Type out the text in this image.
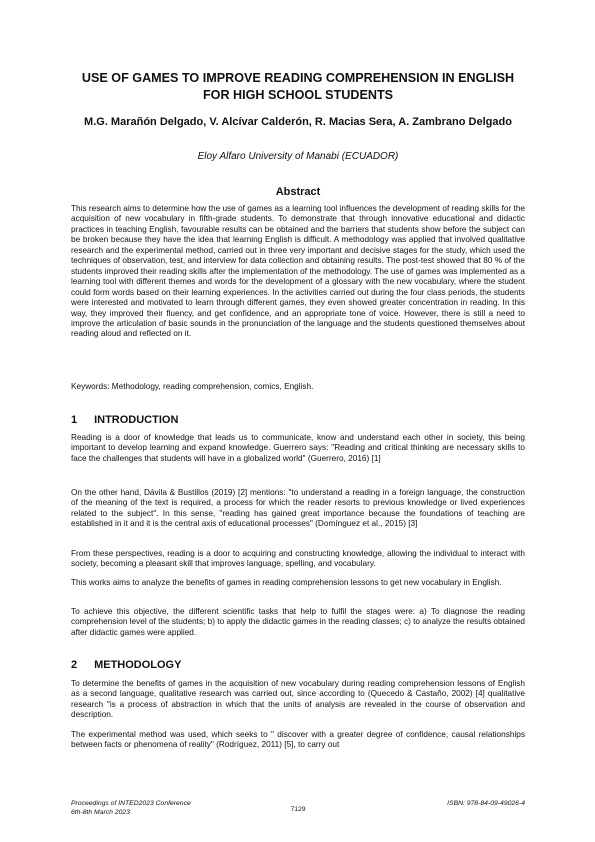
USE OF GAMES TO IMPROVE READING COMPREHENSION IN ENGLISH FOR HIGH SCHOOL STUDENTS
M.G. Marañón Delgado, V. Alcívar Calderón, R. Macias Sera, A. Zambrano Delgado
Eloy Alfaro University of Manabi (ECUADOR)
Abstract

This research aims to determine how the use of games as a learning tool influences the development of reading skills for the acquisition of new vocabulary in fifth-grade students. To demonstrate that through innovative educational and didactic practices in teaching English, favourable results can be obtained and the barriers that students show before the subject can be broken because they have the idea that learning English is difficult. A methodology was applied that involved qualitative research and the experimental method, carried out in three very important and decisive stages for the study, which used the techniques of observation, test, and interview for data collection and obtaining results. The post-test showed that 80 % of the students improved their reading skills after the implementation of the methodology. The use of games was implemented as a learning tool with different themes and words for the development of a glossary with the new vocabulary, where the student could form words based on their learning experiences. In the activities carried out during the four class periods, the students were interested and motivated to learn through different games, they even showed greater concentration in reading. In this way, they improved their fluency, and get confidence, and an appropriate tone of voice. However, there is still a need to improve the articulation of basic sounds in the pronunciation of the language and the students questioned themselves about reading aloud and reflected on it.

Keywords: Methodology, reading comprehension, comics, English.

1 INTRODUCTION

Reading is a door of knowledge that leads us to communicate, know and understand each other in society, this being important to develop learning and expand knowledge. Guerrero says: "Reading and critical thinking are necessary skills to face the challenges that students will have in a globalized world" (Guerrero, 2016) [1]

On the other hand, Dávila & Bustillos (2019) [2] mentions: "to understand a reading in a foreign language, the construction of the meaning of the text is required, a process for which the reader resorts to previous knowledge or lived experiences related to the subject". In this sense, "reading has gained great importance because the foundations of teaching are established in it and it is the central axis of educational processes" (Domínguez et al., 2015) [3]

From these perspectives, reading is a door to acquiring and constructing knowledge, allowing the individual to interact with society, becoming a pleasant skill that improves language, spelling, and vocabulary.

This works aims to analyze the benefits of games in reading comprehension lessons to get new vocabulary in English.

To achieve this objective, the different scientific tasks that help to fulfil the stages were: a) To diagnose the reading comprehension level of the students; b) to apply the didactic games in the reading classes; c) to analyze the results obtained after didactic games were applied.

2 METHODOLOGY

To determine the benefits of games in the acquisition of new vocabulary during reading comprehension lessons of English as a second language, qualitative research was carried out, since according to (Quecedo & Castaño, 2002) [4] qualitative research "is a process of abstraction in which that the units of analysis are revealed in the course of observation and description.

The experimental method was used, which seeks to " discover with a greater degree of confidence, causal relationships between facts or phenomena of reality" (Rodríguez, 2011) [5], to carry out

Proceedings of INTED2023 Conference
6th-8th March 2023	7129
ISBN: 978-84-09-49026-4
